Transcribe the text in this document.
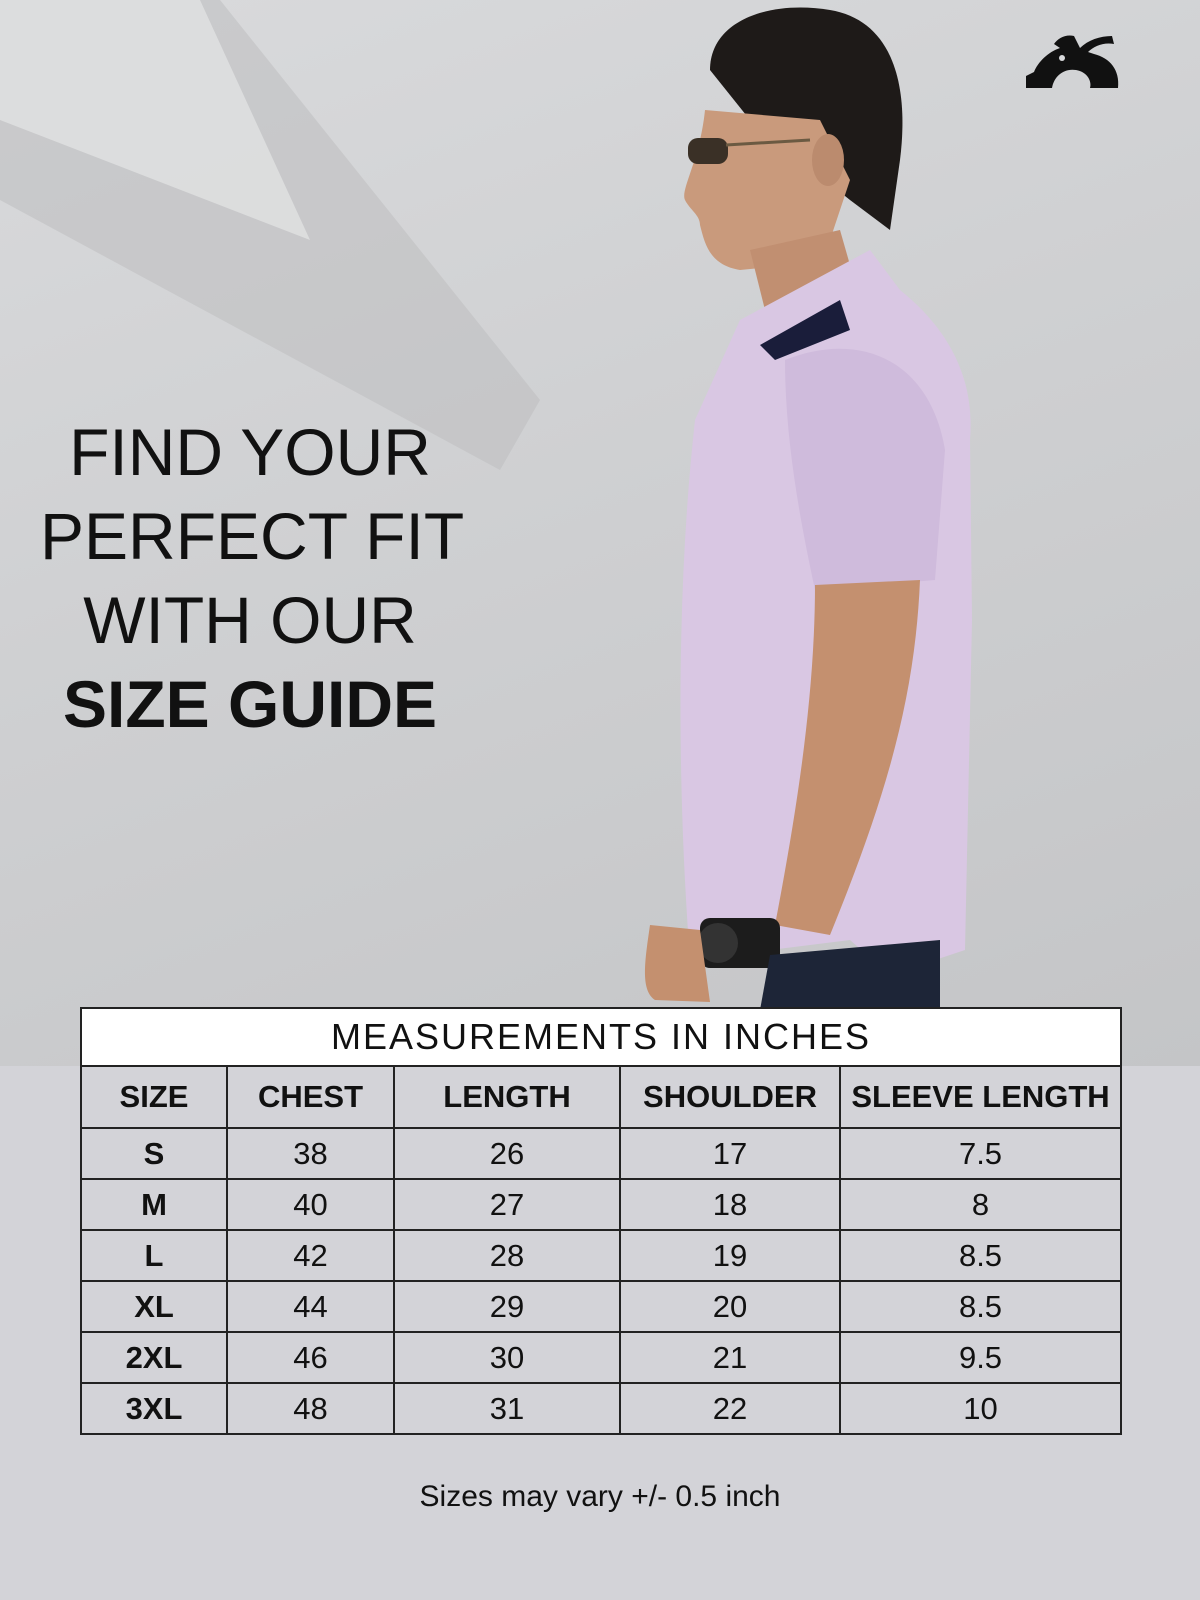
FIND YOUR
PERFECT FIT
WITH OUR
SIZE GUIDE
MEASUREMENTS IN INCHES				
SIZE	CHEST	LENGTH	SHOULDER	SLEEVE LENGTH
S	38	26	17	7.5
M	40	27	18	8
L	42	28	19	8.5
XL	44	29	20	8.5
2XL	46	30	21	9.5
3XL	48	31	22	10
Sizes may vary +/- 0.5 inch
